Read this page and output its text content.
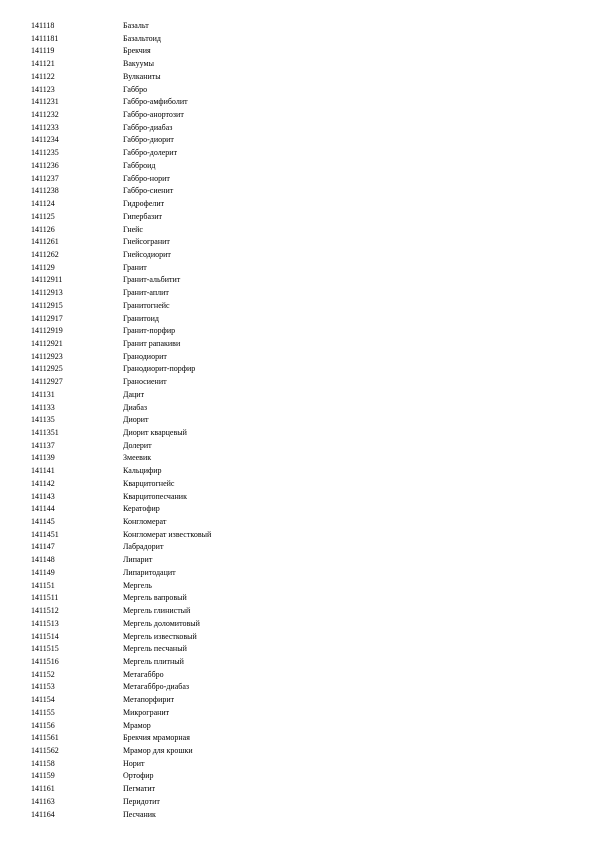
141118	Базальт
1411181	Базальтоид
141119	Брекчия
141121	Вакуумы
141122	Вулканиты
141123	Габбро
1411231	Габбро-амфиболит
1411232	Габбро-анортозит
1411233	Габбро-диабаз
1411234	Габбро-диорит
1411235	Габбро-долерит
1411236	Габброид
1411237	Габбро-норит
1411238	Габбро-сиенит
141124	Гидрофелит
141125	Гипербазит
141126	Гнейс
1411261	Гнейсогранит
1411262	Гнейсодиорит
141129	Гранит
14112911	Гранит-альбитит
14112913	Гранит-аплит
14112915	Гранитогнейс
14112917	Гранитоид
14112919	Гранит-порфир
14112921	Гранит рапакиви
14112923	Гранодиорит
14112925	Гранодиорит-порфир
14112927	Граносиенит
141131	Дацит
141133	Диабаз
141135	Диорит
1411351	Диорит кварцевый
141137	Долерит
141139	Змеевик
141141	Кальцифир
141142	Кварцитогнейс
141143	Кварцитопесчаник
141144	Кератофир
141145	Конгломерат
1411451	Конгломерат известковый
141147	Лабрадорит
141148	Липарит
141149	Липаритодацит
141151	Мергель
1411511	Мергель вапровый
1411512	Мергель глинистый
1411513	Мергель доломитовый
1411514	Мергель известковый
1411515	Мергель песчаный
1411516	Мергель плитный
141152	Метагаббро
141153	Метагаббро-диабаз
141154	Метапорфирит
141155	Микрогранит
141156	Мрамор
1411561	Брекчия мраморная
1411562	Мрамор для крошки
141158	Норит
141159	Ортофир
141161	Пегматит
141163	Перидотит
141164	Песчаник
